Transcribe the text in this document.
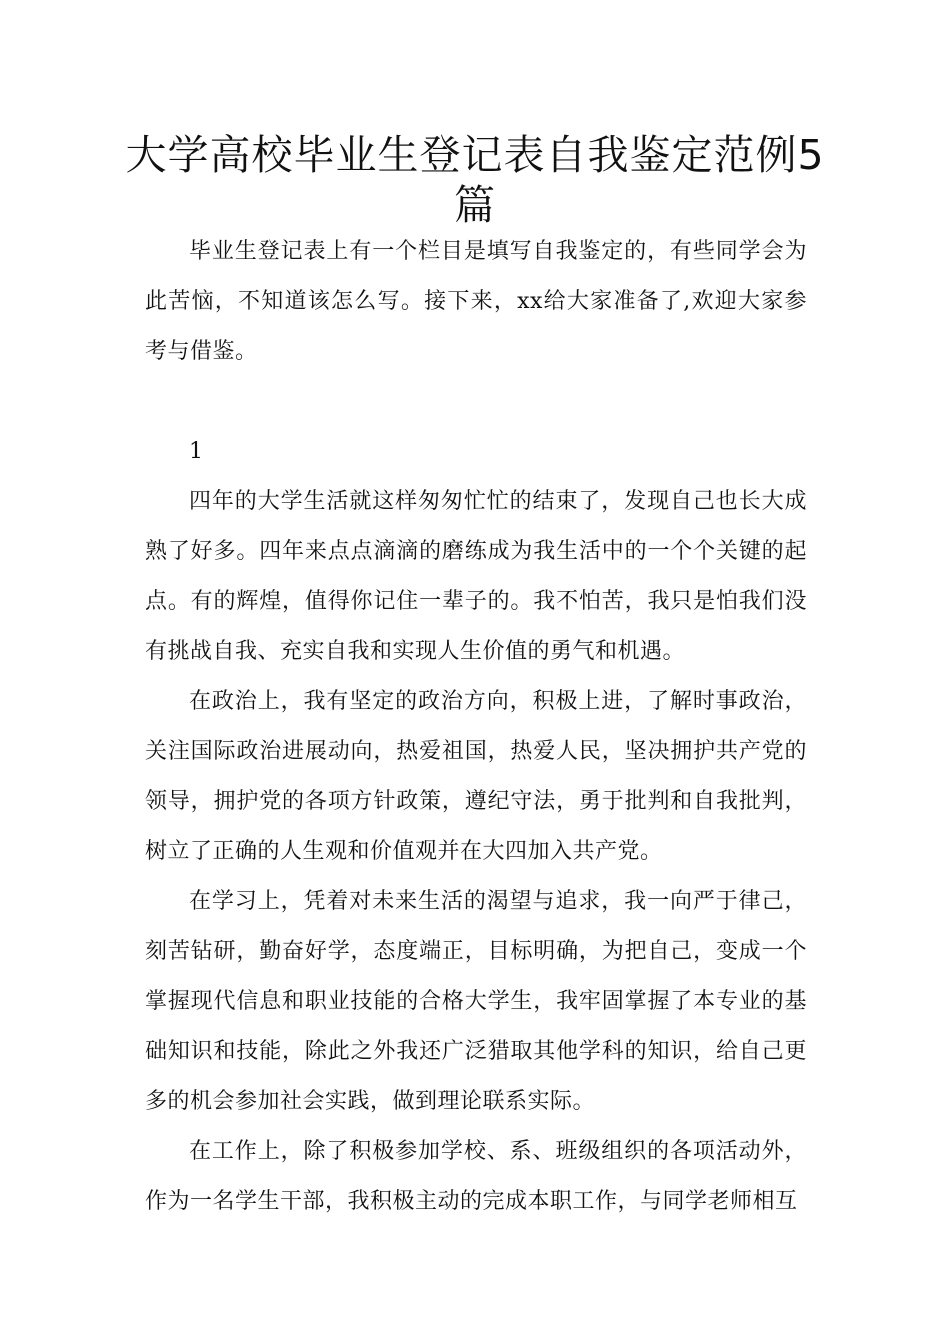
大学高校毕业生登记表自我鉴定范例5篇

毕业生登记表上有一个栏目是填写自我鉴定的，有些同学会为此苦恼，不知道该怎么写。接下来，xx给大家准备了,欢迎大家参考与借鉴。

1

四年的大学生活就这样匆匆忙忙的结束了，发现自己也长大成熟了好多。四年来点点滴滴的磨练成为我生活中的一个个关键的起点。有的辉煌，值得你记住一辈子的。我不怕苦，我只是怕我们没有挑战自我、充实自我和实现人生价值的勇气和机遇。

在政治上，我有坚定的政治方向，积极上进，了解时事政治，关注国际政治进展动向，热爱祖国，热爱人民，坚决拥护共产党的领导，拥护党的各项方针政策，遵纪守法，勇于批判和自我批判，树立了正确的人生观和价值观并在大四加入共产党。

在学习上，凭着对未来生活的渴望与追求，我一向严于律己，刻苦钻研，勤奋好学，态度端正，目标明确，为把自己，变成一个掌握现代信息和职业技能的合格大学生，我牢固掌握了本专业的基础知识和技能，除此之外我还广泛猎取其他学科的知识，给自己更多的机会参加社会实践，做到理论联系实际。

在工作上，除了积极参加学校、系、班级组织的各项活动外，作为一名学生干部，我积极主动的完成本职工作，与同学老师相互
